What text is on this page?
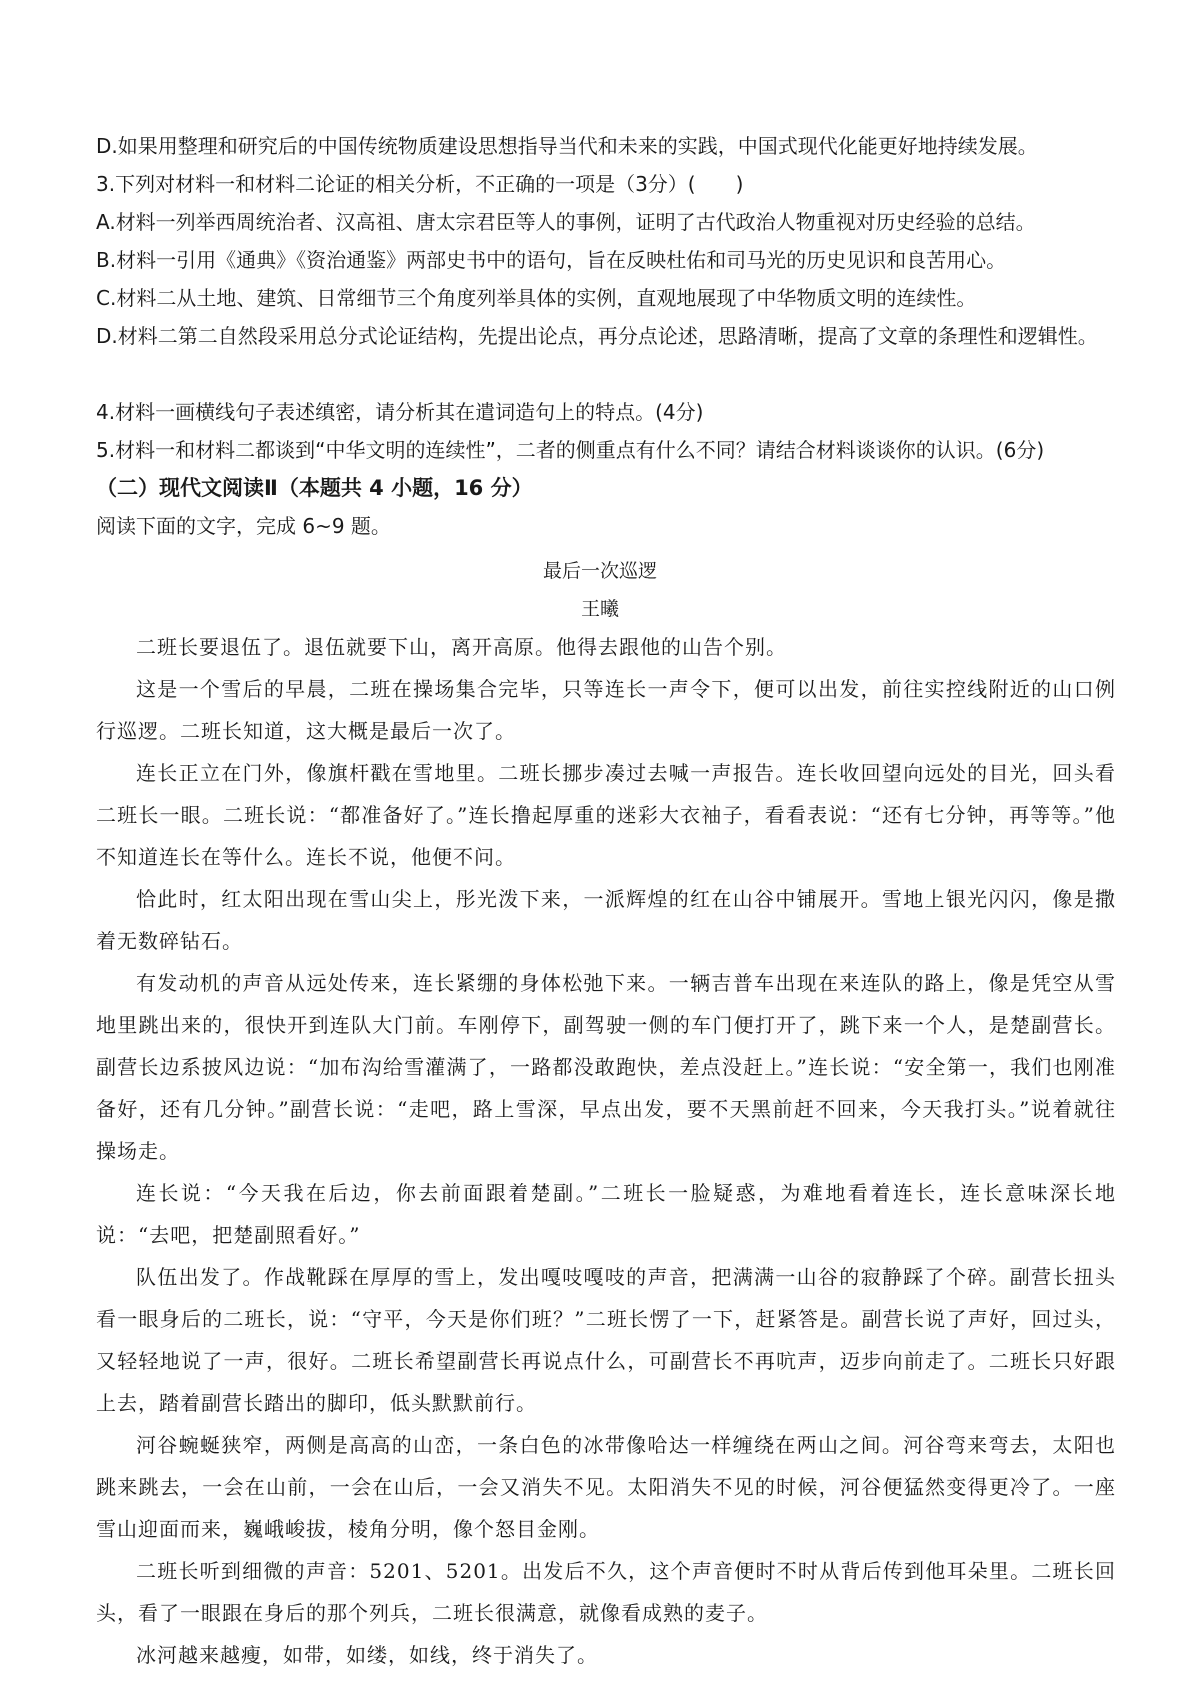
D.如果用整理和研究后的中国传统物质建设思想指导当代和未来的实践，中国式现代化能更好地持续发展。
3.下列对材料一和材料二论证的相关分析，不正确的一项是（3分）(　　)
A.材料一列举西周统治者、汉高祖、唐太宗君臣等人的事例，证明了古代政治人物重视对历史经验的总结。
B.材料一引用《通典》《资治通鉴》两部史书中的语句，旨在反映杜佑和司马光的历史见识和良苦用心。
C.材料二从土地、建筑、日常细节三个角度列举具体的实例，直观地展现了中华物质文明的连续性。
D.材料二第二自然段采用总分式论证结构，先提出论点，再分点论述，思路清晰，提高了文章的条理性和逻辑性。
4.材料一画横线句子表述缜密，请分析其在遣词造句上的特点。(4分)
5.材料一和材料二都谈到“中华文明的连续性”，二者的侧重点有什么不同？请结合材料谈谈你的认识。(6分)
（二）现代文阅读Ⅱ（本题共 4 小题，16 分）
阅读下面的文字，完成 6~9 题。
最后一次巡逻
王曦

二班长要退伍了。退伍就要下山，离开高原。他得去跟他的山告个别。

这是一个雪后的早晨，二班在操场集合完毕，只等连长一声令下，便可以出发，前往实控线附近的山口例行巡逻。二班长知道，这大概是最后一次了。

连长正立在门外，像旗杆戳在雪地里。二班长挪步凑过去喊一声报告。连长收回望向远处的目光，回头看二班长一眼。二班长说：“都准备好了。”连长撸起厚重的迷彩大衣袖子，看看表说：“还有七分钟，再等等。”他不知道连长在等什么。连长不说，他便不问。

恰此时，红太阳出现在雪山尖上，彤光泼下来，一派辉煌的红在山谷中铺展开。雪地上银光闪闪，像是撒着无数碎钻石。

有发动机的声音从远处传来，连长紧绷的身体松弛下来。一辆吉普车出现在来连队的路上，像是凭空从雪地里跳出来的，很快开到连队大门前。车刚停下，副驾驶一侧的车门便打开了，跳下来一个人，是楚副营长。副营长边系披风边说：“加布沟给雪灌满了，一路都没敢跑快，差点没赶上。”连长说：“安全第一，我们也刚准备好，还有几分钟。”副营长说：“走吧，路上雪深，早点出发，要不天黑前赶不回来，今天我打头。”说着就往操场走。

连长说：“今天我在后边，你去前面跟着楚副。”二班长一脸疑惑，为难地看着连长，连长意味深长地说：“去吧，把楚副照看好。”

队伍出发了。作战靴踩在厚厚的雪上，发出嘎吱嘎吱的声音，把满满一山谷的寂静踩了个碎。副营长扭头看一眼身后的二班长，说：“守平，今天是你们班？”二班长愣了一下，赶紧答是。副营长说了声好，回过头，又轻轻地说了一声，很好。二班长希望副营长再说点什么，可副营长不再吭声，迈步向前走了。二班长只好跟上去，踏着副营长踏出的脚印，低头默默前行。

河谷蜿蜒狭窄，两侧是高高的山峦，一条白色的冰带像哈达一样缠绕在两山之间。河谷弯来弯去，太阳也跳来跳去，一会在山前，一会在山后，一会又消失不见。太阳消失不见的时候，河谷便猛然变得更冷了。一座雪山迎面而来，巍峨峻拔，棱角分明，像个怒目金刚。

二班长听到细微的声音：5201、5201。出发后不久，这个声音便时不时从背后传到他耳朵里。二班长回头，看了一眼跟在身后的那个列兵，二班长很满意，就像看成熟的麦子。

冰河越来越瘦，如带，如缕，如线，终于消失了。
